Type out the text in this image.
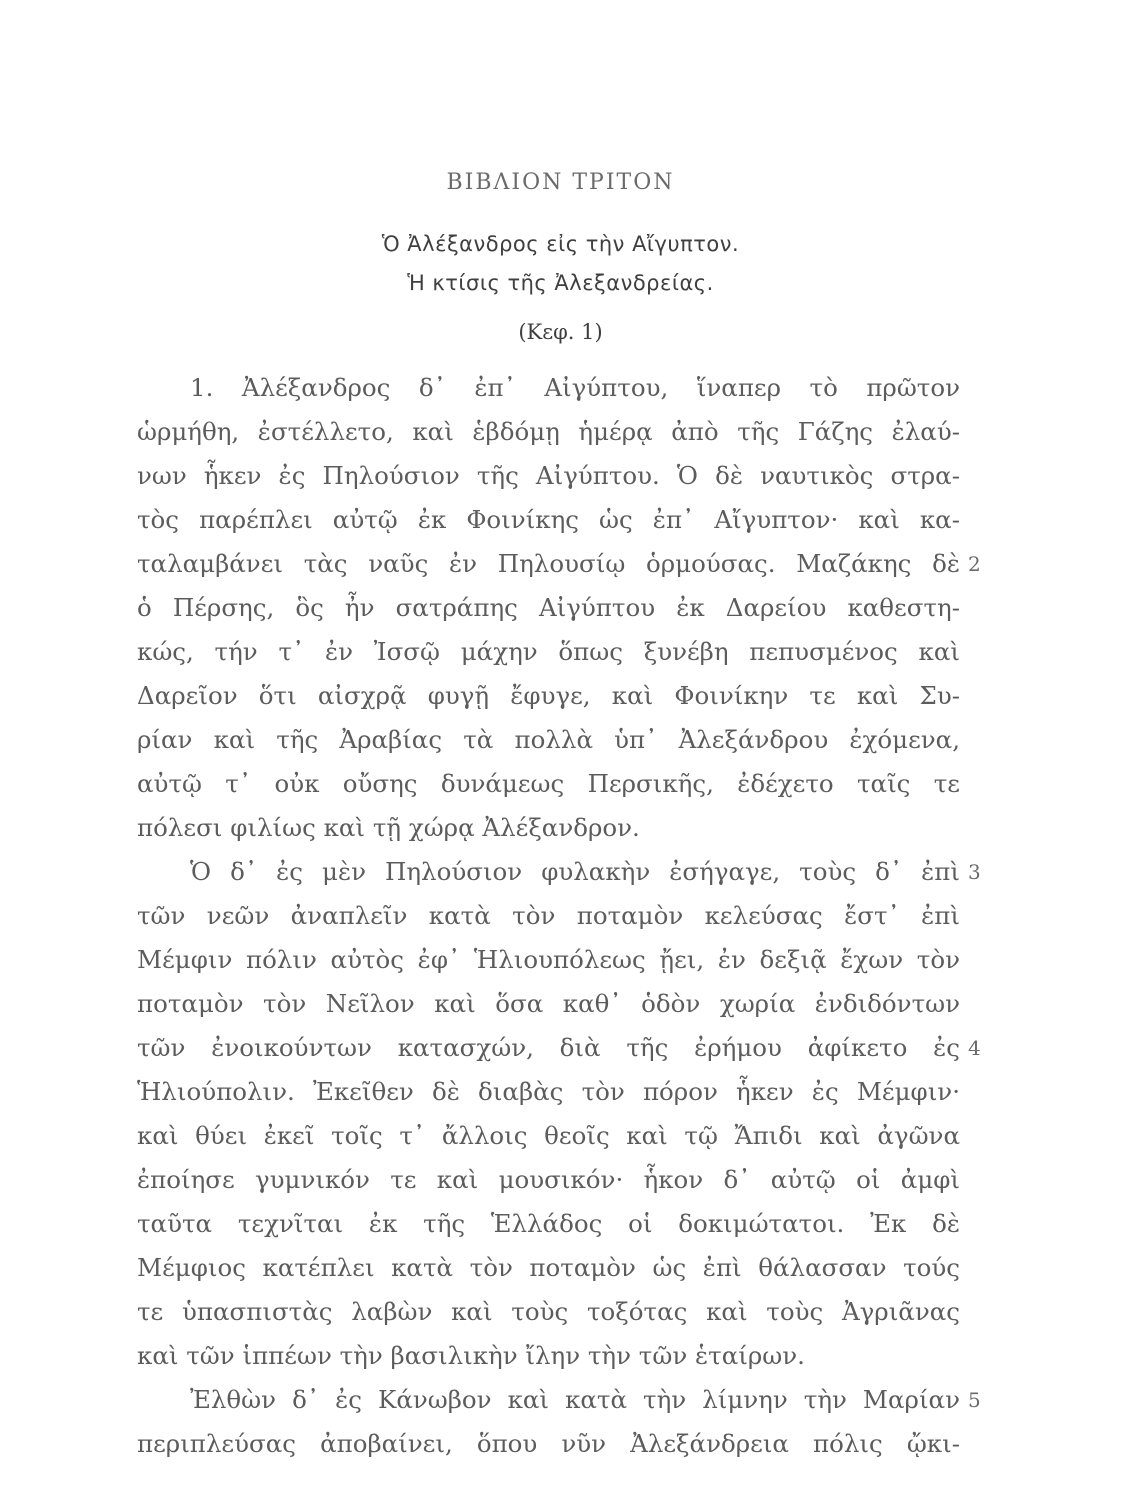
ΒΙΒΛΙΟΝ ΤΡΙΤΟΝ
Ὁ Ἀλέξανδρος εἰς τὴν Αἴγυπτον.
Ἡ κτίσις τῆς Ἀλεξανδρείας.
(Κεφ. 1)
1. Ἀλέξανδρος δ᾽ ἐπ᾽ Αἰγύπτου, ἵναπερ τὸ πρῶτον
ὡρμήθη, ἐστέλλετο, καὶ ἑβδόμῃ ἡμέρᾳ ἀπὸ τῆς Γάζης ἐλαύ-
νων ἧκεν ἐς Πηλούσιον τῆς Αἰγύπτου. Ὁ δὲ ναυτικὸς στρα-
τὸς παρέπλει αὐτῷ ἐκ Φοινίκης ὡς ἐπ᾽ Αἴγυπτον· καὶ κα-
ταλαμβάνει τὰς ναῦς ἐν Πηλουσίῳ ὁρμούσας. Μαζάκης δὲ
ὁ Πέρσης, ὃς ἦν σατράπης Αἰγύπτου ἐκ Δαρείου καθεστη-
κώς, τήν τ᾽ ἐν Ἰσσῷ μάχην ὅπως ξυνέβη πεπυσμένος καὶ
Δαρεῖον ὅτι αἰσχρᾷ φυγῇ ἔφυγε, καὶ Φοινίκην τε καὶ Συ-
ρίαν καὶ τῆς Ἀραβίας τὰ πολλὰ ὑπ᾽ Ἀλεξάνδρου ἐχόμενα,
αὐτῷ τ᾽ οὐκ οὔσης δυνάμεως Περσικῆς, ἐδέχετο ταῖς τε
πόλεσι φιλίως καὶ τῇ χώρᾳ Ἀλέξανδρον.
Ὁ δ᾽ ἐς μὲν Πηλούσιον φυλακὴν ἐσήγαγε, τοὺς δ᾽ ἐπὶ
τῶν νεῶν ἀναπλεῖν κατὰ τὸν ποταμὸν κελεύσας ἔστ᾽ ἐπὶ
Μέμφιν πόλιν αὐτὸς ἐφ᾽ Ἡλιουπόλεως ᾔει, ἐν δεξιᾷ ἔχων τὸν
ποταμὸν τὸν Νεῖλον καὶ ὅσα καθ᾽ ὁδὸν χωρία ἐνδιδόντων
τῶν ἐνοικούντων κατασχών, διὰ τῆς ἐρήμου ἀφίκετο ἐς
Ἡλιούπολιν. Ἐκεῖθεν δὲ διαβὰς τὸν πόρον ἧκεν ἐς Μέμφιν·
καὶ θύει ἐκεῖ τοῖς τ᾽ ἄλλοις θεοῖς καὶ τῷ Ἄπιδι καὶ ἀγῶνα
ἐποίησε γυμνικόν τε καὶ μουσικόν· ἧκον δ᾽ αὐτῷ οἱ ἀμφὶ
ταῦτα τεχνῖται ἐκ τῆς Ἑλλάδος οἱ δοκιμώτατοι. Ἐκ δὲ
Μέμφιος κατέπλει κατὰ τὸν ποταμὸν ὡς ἐπὶ θάλασσαν τούς
τε ὑπασπιστὰς λαβὼν καὶ τοὺς τοξότας καὶ τοὺς Ἀγριᾶνας
καὶ τῶν ἱππέων τὴν βασιλικὴν ἴλην τὴν τῶν ἑταίρων.
Ἐλθὼν δ᾽ ἐς Κάνωβον καὶ κατὰ τὴν λίμνην τὴν Μαρίαν
περιπλεύσας ἀποβαίνει, ὅπου νῦν Ἀλεξάνδρεια πόλις ᾤκι-
2
3
4
5
